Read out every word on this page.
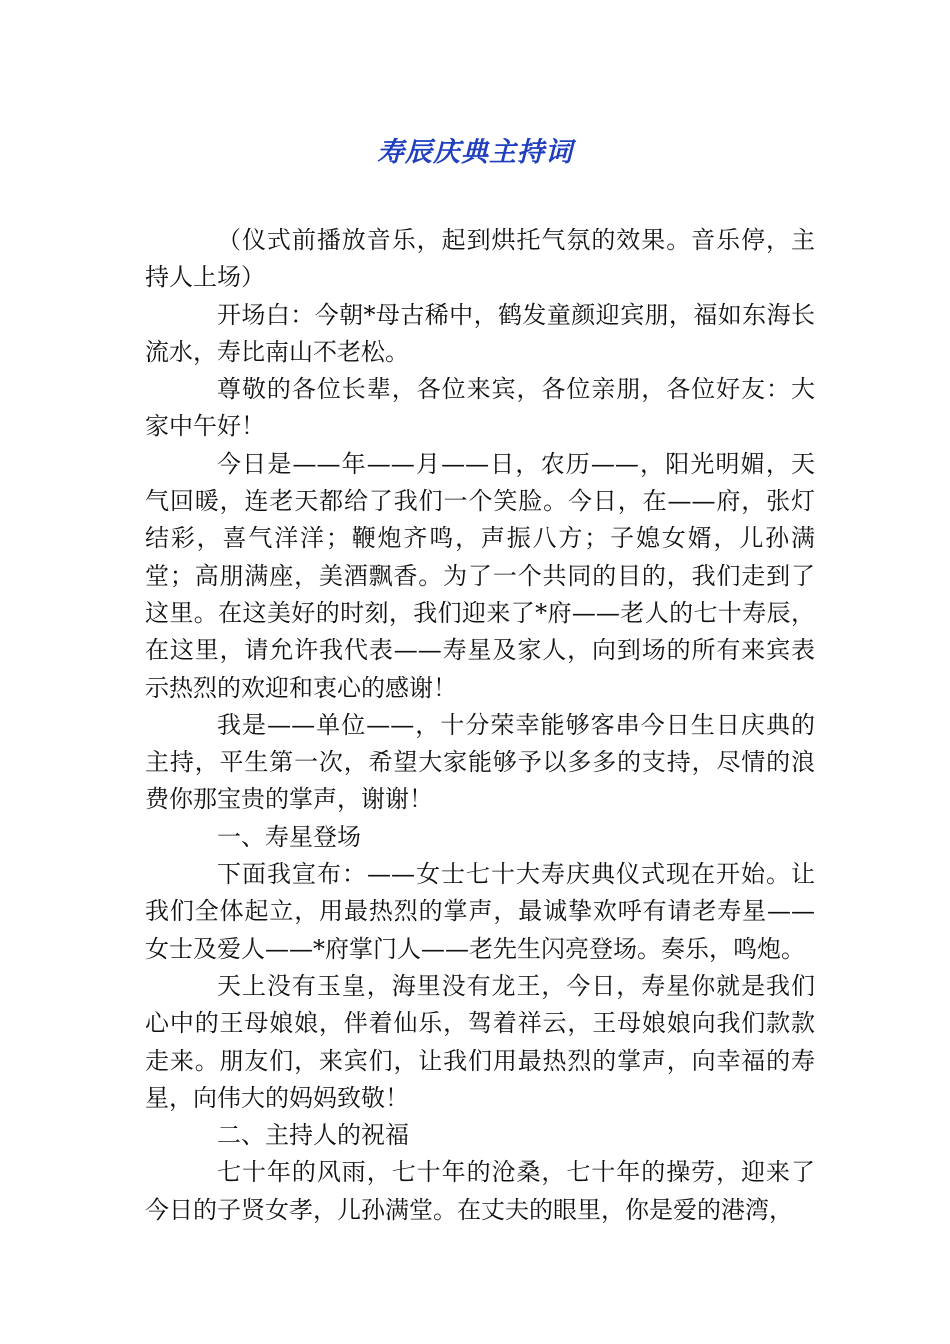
寿辰庆典主持词

（仪式前播放音乐，起到烘托气氛的效果。音乐停，主持人上场）

开场白：今朝*母古稀中，鹤发童颜迎宾朋，福如东海长流水，寿比南山不老松。

尊敬的各位长辈，各位来宾，各位亲朋，各位好友：大家中午好！

今日是——年——月——日，农历——，阳光明媚，天气回暖，连老天都给了我们一个笑脸。今日，在——府，张灯结彩，喜气洋洋；鞭炮齐鸣，声振八方；子媳女婿，儿孙满堂；高朋满座，美酒飘香。为了一个共同的目的，我们走到了这里。在这美好的时刻，我们迎来了*府——老人的七十寿辰，在这里，请允许我代表——寿星及家人，向到场的所有来宾表示热烈的欢迎和衷心的感谢！

我是——单位——，十分荣幸能够客串今日生日庆典的主持，平生第一次，希望大家能够予以多多的支持，尽情的浪费你那宝贵的掌声，谢谢！

一、寿星登场

下面我宣布：——女士七十大寿庆典仪式现在开始。让我们全体起立，用最热烈的掌声，最诚挚欢呼有请老寿星——女士及爱人——*府掌门人——老先生闪亮登场。奏乐，鸣炮。

天上没有玉皇，海里没有龙王，今日，寿星你就是我们心中的王母娘娘，伴着仙乐，驾着祥云，王母娘娘向我们款款走来。朋友们，来宾们，让我们用最热烈的掌声，向幸福的寿星，向伟大的妈妈致敬！

二、主持人的祝福

七十年的风雨，七十年的沧桑，七十年的操劳，迎来了今日的子贤女孝，儿孙满堂。在丈夫的眼里，你是爱的港湾，
